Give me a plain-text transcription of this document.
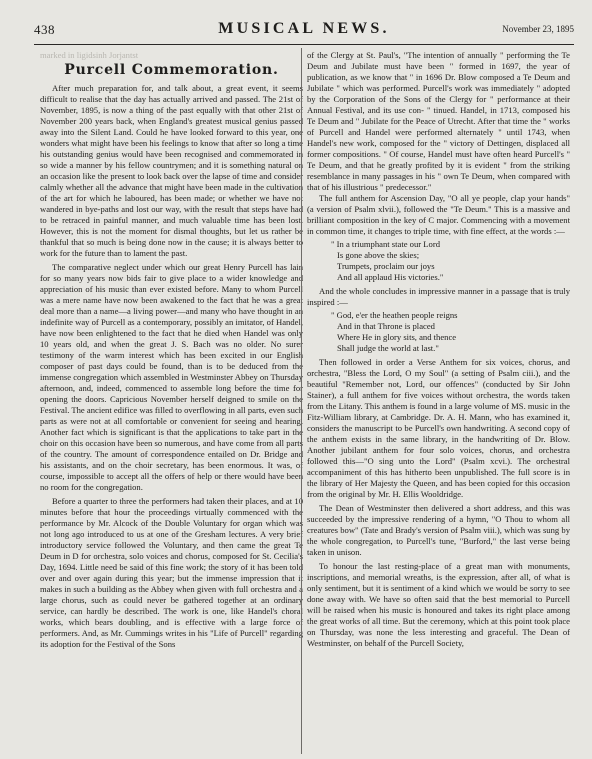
438	MUSICAL NEWS.	November 23, 1895
marked in ligidsinh Jorjantst
Purcell Commemoration.

After much preparation for, and talk about, a great event, it seems difficult to realise that the day has actually arrived and passed. The 21st of November, 1895, is now a thing of the past equally with that other 21st of November 200 years back, when England's greatest musical genius passed away into the Silent Land. Could he have looked forward to this year, one wonders what might have been his feelings to know that after so long a time his outstanding genius would have been recognised and commemorated in so wide a manner by his fellow countrymen; and it is something natural on an occasion like the present to look back over the lapse of time and consider calmly whether all the advance that might have been made in the cultivation of the art for which he laboured, has been made; or whether we have not wandered in bye-paths and lost our way, with the result that steps have had to be retraced in painful manner, and much valuable time has been lost. However, this is not the moment for dismal thoughts, but let us rather be thankful that so much is being done now in the cause; it is always better to work for the future than to lament the past.

The comparative neglect under which our great Henry Purcell has lain for so many years now bids fair to give place to a wider knowledge and appreciation of his music than ever existed before. Many to whom Purcell was a mere name have now been awakened to the fact that he was a great deal more than a name—a living power—and many who have thought in an indefinite way of Purcell as a contemporary, possibly an imitator, of Handel, have now been enlightened to the fact that he died when Handel was only 10 years old, and when the great J. S. Bach was no older. No surer testimony of the warm interest which has been excited in our English composer of past days could be found, than is to be deduced from the immense congregation which assembled in Westminster Abbey on Thursday afternoon, and, indeed, commenced to assemble long before the time for opening the doors. Capricious November herself deigned to smile on the Festival. The ancient edifice was filled to overflowing in all parts, even such parts as were not at all comfortable or convenient for seeing and hearing. Another fact which is significant is that the applications to take part in the choir on this occasion have been so numerous, and have come from all parts of the country. The amount of correspondence entailed on Dr. Bridge and his assistants, and on the choir secretary, has been enormous. It was, of course, impossible to accept all the offers of help or there would have been no room for the congregation.

Before a quarter to three the performers had taken their places, and at 10 minutes before that hour the proceedings virtually commenced with the performance by Mr. Alcock of the Double Voluntary for organ which was not long ago introduced to us at one of the Gresham lectures. A very brief introductory service followed the Voluntary, and then came the great Te Deum in D for orchestra, solo voices and chorus, composed for St. Cecilia's Day, 1694. Little need be said of this fine work; the story of it has been told over and over again during this year; but the immense impression that it makes in such a building as the Abbey when given with full orchestra and a large chorus, such as could never be gathered together at an ordinary service, can hardly be described. The work is one, like Handel's choral works, which bears doubling, and is effective with a large force of performers. And, as Mr. Cummings writes in his "Life of Purcell" regarding its adoption for the Festival of the Sons

of the Clergy at St. Paul's, "The intention of annually " performing the Te Deum and Jubilate must have been " formed in 1697, the year of publication, as we know that " in 1696 Dr. Blow composed a Te Deum and Jubilate " which was performed. Purcell's work was immediately " adopted by the Corporation of the Sons of the Clergy for " performance at their Annual Festival, and its use con- " tinued. Handel, in 1713, composed his Te Deum and " Jubilate for the Peace of Utrecht. After that time the " works of Purcell and Handel were performed alternately " until 1743, when Handel's new work, composed for the " victory of Dettingen, displaced all former compositions. " Of course, Handel must have often heard Purcell's " Te Deum, and that he greatly profited by it is evident " from the striking resemblance in many passages in his " own Te Deum, when compared with that of his illustrious " predecessor."

The full anthem for Ascension Day, "O all ye people, clap your hands" (a version of Psalm xlvii.), followed the "Te Deum." This is a massive and brilliant composition in the key of C major. Commencing with a movement in common time, it changes to triple time, with fine effect, at the words :—

" In a triumphant state our Lord
Is gone above the skies;
Trumpets, proclaim our joys
And all applaud His victories."

And the whole concludes in impressive manner in a passage that is truly inspired :—

" God, e'er the heathen people reigns
And in that Throne is placed
Where He in glory sits, and thence
Shall judge the world at last."

Then followed in order a Verse Anthem for six voices, chorus, and orchestra, "Bless the Lord, O my Soul" (a setting of Psalm ciii.), and the beautiful "Remember not, Lord, our offences" (conducted by Sir John Stainer), a full anthem for five voices without orchestra, the words taken from the Litany. This anthem is found in a large volume of MS. music in the Fitz-William library, at Cambridge. Dr. A. H. Mann, who has examined it, considers the manuscript to be Purcell's own handwriting. A second copy of the anthem exists in the same library, in the handwriting of Dr. Blow. Another jubilant anthem for four solo voices, chorus, and orchestra followed this—"O sing unto the Lord" (Psalm xcvi.). The orchestral accompaniment of this has hitherto been unpublished. The full score is in the library of Her Majesty the Queen, and has been copied for this occasion from the original by Mr. H. Ellis Wooldridge.

The Dean of Westminster then delivered a short address, and this was succeeded by the impressive rendering of a hymn, "O Thou to whom all creatures bow" (Tate and Brady's version of Psalm viii.), which was sung by the whole congregation, to Purcell's tune, "Burford," the last verse being taken in unison.

To honour the last resting-place of a great man with monuments, inscriptions, and memorial wreaths, is the expression, after all, of what is only sentiment, but it is sentiment of a kind which we would be sorry to see done away with. We have so often said that the best memorial to Purcell will be raised when his music is honoured and takes its right place among the great works of all time. But the ceremony, which at this point took place on Thursday, was none the less interesting and graceful. The Dean of Westminster, on behalf of the Purcell Society,
